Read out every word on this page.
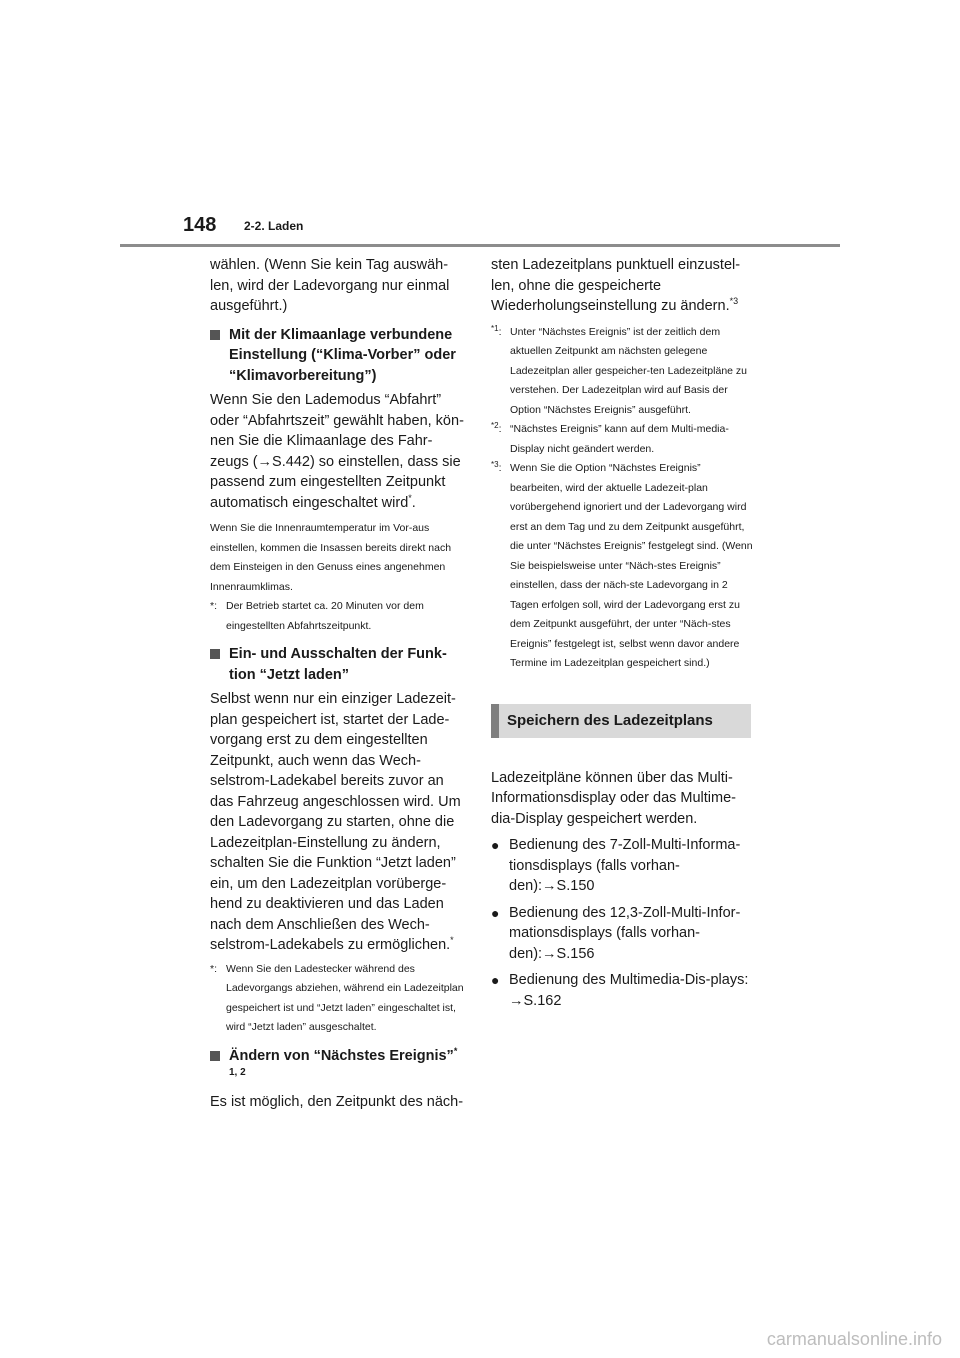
148 2-2. Laden

wählen. (Wenn Sie kein Tag auswäh-len, wird der Ladevorgang nur einmal ausgeführt.)

Mit der Klimaanlage verbundene Einstellung (“Klima-Vorber” oder “Klimavorbereitung”)

Wenn Sie den Lademodus “Abfahrt” oder “Abfahrtszeit” gewählt haben, kön-nen Sie die Klimaanlage des Fahr-zeugs (→S.442) so einstellen, dass sie passend zum eingestellten Zeitpunkt automatisch eingeschaltet wird*.

Wenn Sie die Innenraumtemperatur im Vor-aus einstellen, kommen die Insassen bereits direkt nach dem Einsteigen in den Genuss eines angenehmen Innenraumklimas.

*: Der Betrieb startet ca. 20 Minuten vor dem eingestellten Abfahrtszeitpunkt.

Ein- und Ausschalten der Funk-tion “Jetzt laden”

Selbst wenn nur ein einziger Ladezeit-plan gespeichert ist, startet der Lade-vorgang erst zu dem eingestellten Zeitpunkt, auch wenn das Wech-selstrom-Ladekabel bereits zuvor an das Fahrzeug angeschlossen wird. Um den Ladevorgang zu starten, ohne die Ladezeitplan-Einstellung zu ändern, schalten Sie die Funktion “Jetzt laden” ein, um den Ladezeitplan vorüberge-hend zu deaktivieren und das Laden nach dem Anschließen des Wech-selstrom-Ladekabels zu ermöglichen.*

*: Wenn Sie den Ladestecker während des Ladevorgangs abziehen, während ein Ladezeitplan gespeichert ist und “Jetzt laden” eingeschaltet ist, wird “Jetzt laden” ausgeschaltet.

Ändern von “Nächstes Ereignis”*

1, 2

Es ist möglich, den Zeitpunkt des näch-

sten Ladezeitplans punktuell einzustel-len, ohne die gespeicherte Wiederholungseinstellung zu ändern.$^{*3}$

$^{*1}$: Unter “Nächstes Ereignis” ist der zeitlich dem aktuellen Zeitpunkt am nächsten gelegene Ladezeitplan aller gespeicher-ten Ladezeitpläne zu verstehen. Der Ladezeitplan wird auf Basis der Option “Nächstes Ereignis” ausgeführt.

$^{*2}$: “Nächstes Ereignis” kann auf dem Multi-media-Display nicht geändert werden.

$^{*3}$: Wenn Sie die Option “Nächstes Ereignis” bearbeiten, wird der aktuelle Ladezeit-plan vorübergehend ignoriert und der Ladevorgang wird erst an dem Tag und zu dem Zeitpunkt ausgeführt, die unter “Nächstes Ereignis” festgelegt sind. (Wenn Sie beispielsweise unter “Näch-stes Ereignis” einstellen, dass der näch-ste Ladevorgang in 2 Tagen erfolgen soll, wird der Ladevorgang erst zu dem Zeitpunkt ausgeführt, der unter “Näch-stes Ereignis” festgelegt ist, selbst wenn davor andere Termine im Ladezeitplan gespeichert sind.)

Speichern des Ladezeitplans

Ladezeitpläne können über das Multi-Informationsdisplay oder das Multime-dia-Display gespeichert werden.

● Bedienung des 7-Zoll-Multi-Informa-tionsdisplays (falls vorhan-den):→S.150
● Bedienung des 12,3-Zoll-Multi-Infor-mationsdisplays (falls vorhan-den):→S.156
● Bedienung des Multimedia-Dis-plays: →S.162
carmanualsonline.info
